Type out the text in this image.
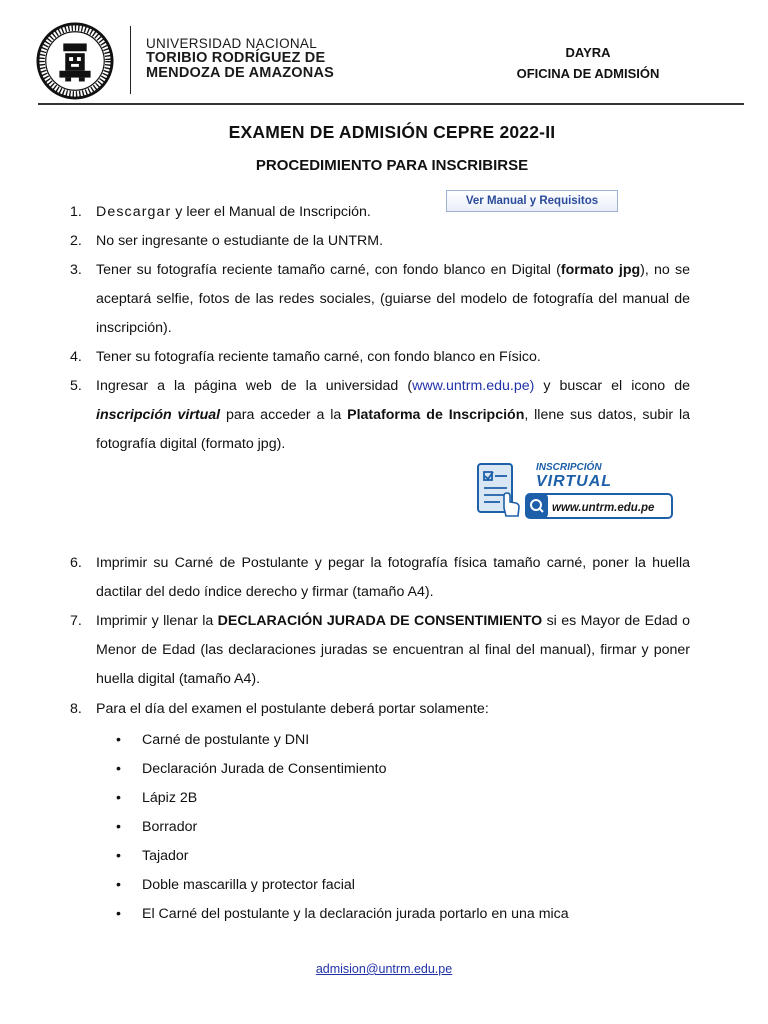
UNIVERSIDAD NACIONAL
TORIBIO RODRÍGUEZ DE
MENDOZA DE AMAZONAS
DAYRA
OFICINA DE ADMISIÓN
EXAMEN DE ADMISIÓN CEPRE 2022-II
PROCEDIMIENTO PARA INSCRIBIRSE
Ver Manual y Requisitos
1. Descargar y leer el Manual de Inscripción.
2. No ser ingresante o estudiante de la UNTRM.
3. Tener su fotografía reciente tamaño carné, con fondo blanco en Digital (formato jpg), no se aceptará selfie, fotos de las redes sociales, (guiarse del modelo de fotografía del manual de inscripción).
4. Tener su fotografía reciente tamaño carné, con fondo blanco en Físico.
5. Ingresar a la página web de la universidad (www.untrm.edu.pe) y buscar el icono de inscripción virtual para acceder a la Plataforma de Inscripción, llene sus datos, subir la fotografía digital (formato jpg).
INSCRIPCIÓN
VIRTUAL
www.untrm.edu.pe
6. Imprimir su Carné de Postulante y pegar la fotografía física tamaño carné, poner la huella dactilar del dedo índice derecho y firmar (tamaño A4).
7. Imprimir y llenar la DECLARACIÓN JURADA DE CONSENTIMIENTO si es Mayor de Edad o Menor de Edad (las declaraciones juradas se encuentran al final del manual), firmar y poner huella digital (tamaño A4).
8. Para el día del examen el postulante deberá portar solamente:
• Carné de postulante y DNI
• Declaración Jurada de Consentimiento
• Lápiz 2B
• Borrador
• Tajador
• Doble mascarilla y protector facial
• El Carné del postulante y la declaración jurada portarlo en una mica
admision@untrm.edu.pe
